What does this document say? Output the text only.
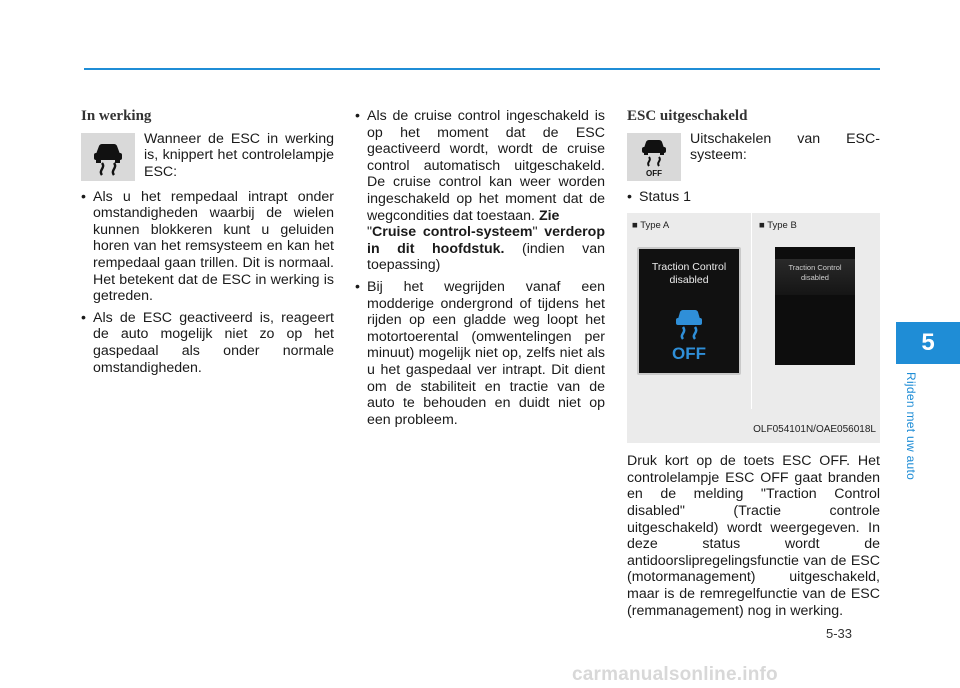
In werking
Wanneer de ESC in werking is, knippert het controlelampje ESC:
• Als u het rempedaal intrapt onder omstandigheden waarbij de wielen kunnen blokkeren kunt u geluiden horen van het remsysteem en kan het rempedaal gaan trillen. Dit is normaal. Het betekent dat de ESC in werking is getreden.
• Als de ESC geactiveerd is, reageert de auto mogelijk niet zo op het gaspedaal als onder normale omstandigheden.
• Als de cruise control ingeschakeld is op het moment dat de ESC geactiveerd wordt, wordt de cruise control automatisch uitgeschakeld. De cruise control kan weer worden ingeschakeld op het moment dat de wegcondities dat toestaan. Zie
"Cruise control-systeem" verderop in dit hoofdstuk. (indien van toepassing)
• Bij het wegrijden vanaf een modderige ondergrond of tijdens het rijden op een gladde weg loopt het motortoerental (omwentelingen per minuut) mogelijk niet op, zelfs niet als u het gaspedaal ver intrapt. Dit dient om de stabiliteit en tractie van de auto te behouden en duidt niet op een probleem.
ESC uitgeschakeld
OFF
Uitschakelen van ESC-systeem:
• Status 1
■ Type A	■ Type B
Traction Control
disabled
OFF
Traction Control
disabled
OLF054101N/OAE056018L
Druk kort op de toets ESC OFF. Het controlelampje ESC OFF gaat branden en de melding "Traction Control disabled" (Tractie controle uitgeschakeld) wordt weergegeven. In deze status wordt de antidoorslipregelingsfunctie van de ESC (motormanagement) uitgeschakeld, maar is de remregelfunctie van de ESC (remmanagement) nog in werking.
5
Rijden met uw auto
5-33
carmanualsonline.info
